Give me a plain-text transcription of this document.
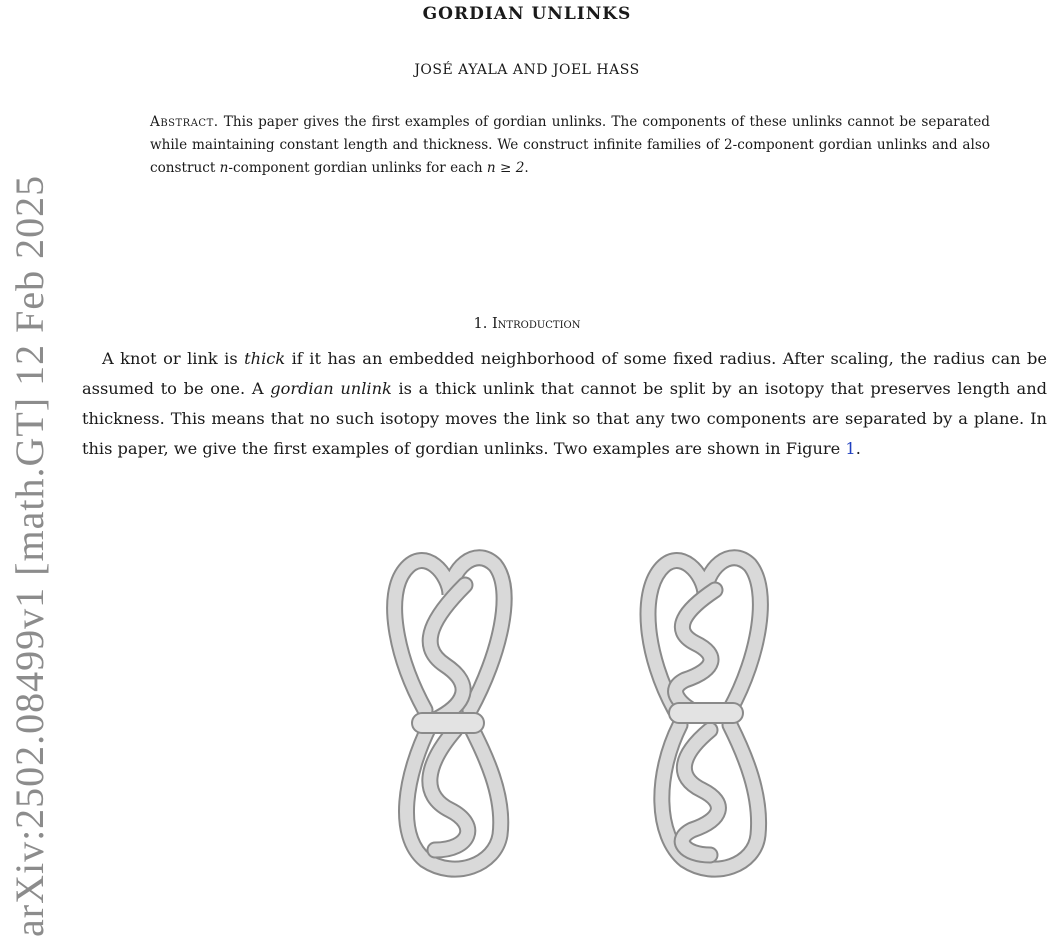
arXiv:2502.08499v1 [math.GT] 12 Feb 2025
GORDIAN UNLINKS
JOSÉ AYALA AND JOEL HASS

Abstract. This paper gives the first examples of gordian unlinks. The components of these unlinks cannot be separated while maintaining constant length and thickness. We construct infinite families of 2-component gordian unlinks and also construct n-component gordian unlinks for each n ≥ 2.

1. Introduction

A knot or link is thick if it has an embedded neighborhood of some fixed radius. After scaling, the radius can be assumed to be one. A gordian unlink is a thick unlink that cannot be split by an isotopy that preserves length and thickness. This means that no such isotopy moves the link so that any two components are separated by a plane. In this paper, we give the first examples of gordian unlinks. Two examples are shown in Figure 1.
